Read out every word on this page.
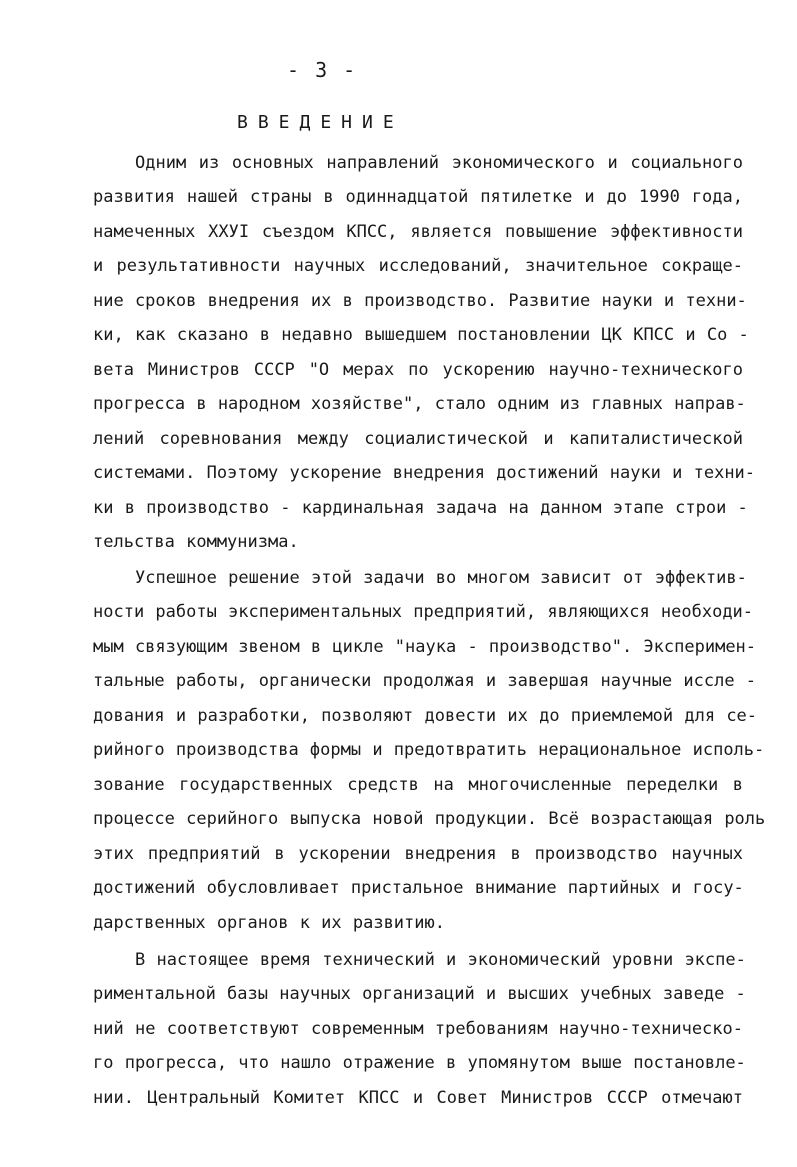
- 3 -
ВВЕДЕНИЕ
Одним из основных направлений экономического и социального
развития нашей страны в одиннадцатой пятилетке и до 1990 года,
намеченных ХХУI съездом КПСС, является повышение эффективности
и результативности научных исследований, значительное сокраще-
ние сроков внедрения их в производство. Развитие науки и техни-
ки, как сказано в недавно вышедшем постановлении ЦК КПСС и Со -
вета Министров СССР "О мерах по ускорению научно-технического
прогресса в народном хозяйстве", стало одним из главных направ-
лений соревнования между социалистической и капиталистической
системами. Поэтому ускорение внедрения достижений науки и техни-
ки в производство - кардинальная задача на данном этапе строи -
тельства коммунизма.
Успешное решение этой задачи во многом зависит от эффектив-
ности работы экспериментальных предприятий, являющихся необходи-
мым связующим звеном в цикле "наука - производство". Эксперимен-
тальные работы, органически продолжая и завершая научные иссле -
дования и разработки, позволяют довести их до приемлемой для се-
рийного производства формы и предотвратить нерациональное исполь-
зование государственных средств на многочисленные переделки в
процессе серийного выпуска новой продукции. Всё возрастающая роль
этих предприятий в ускорении внедрения в производство научных
достижений обусловливает пристальное внимание партийных и госу-
дарственных органов к их развитию.
В настоящее время технический и экономический уровни экспе-
риментальной базы научных организаций и высших учебных заведе -
ний не соответствуют современным требованиям научно-техническо-
го прогресса, что нашло отражение в упомянутом выше постановле-
нии. Центральный Комитет КПСС и Совет Министров СССР отмечают
